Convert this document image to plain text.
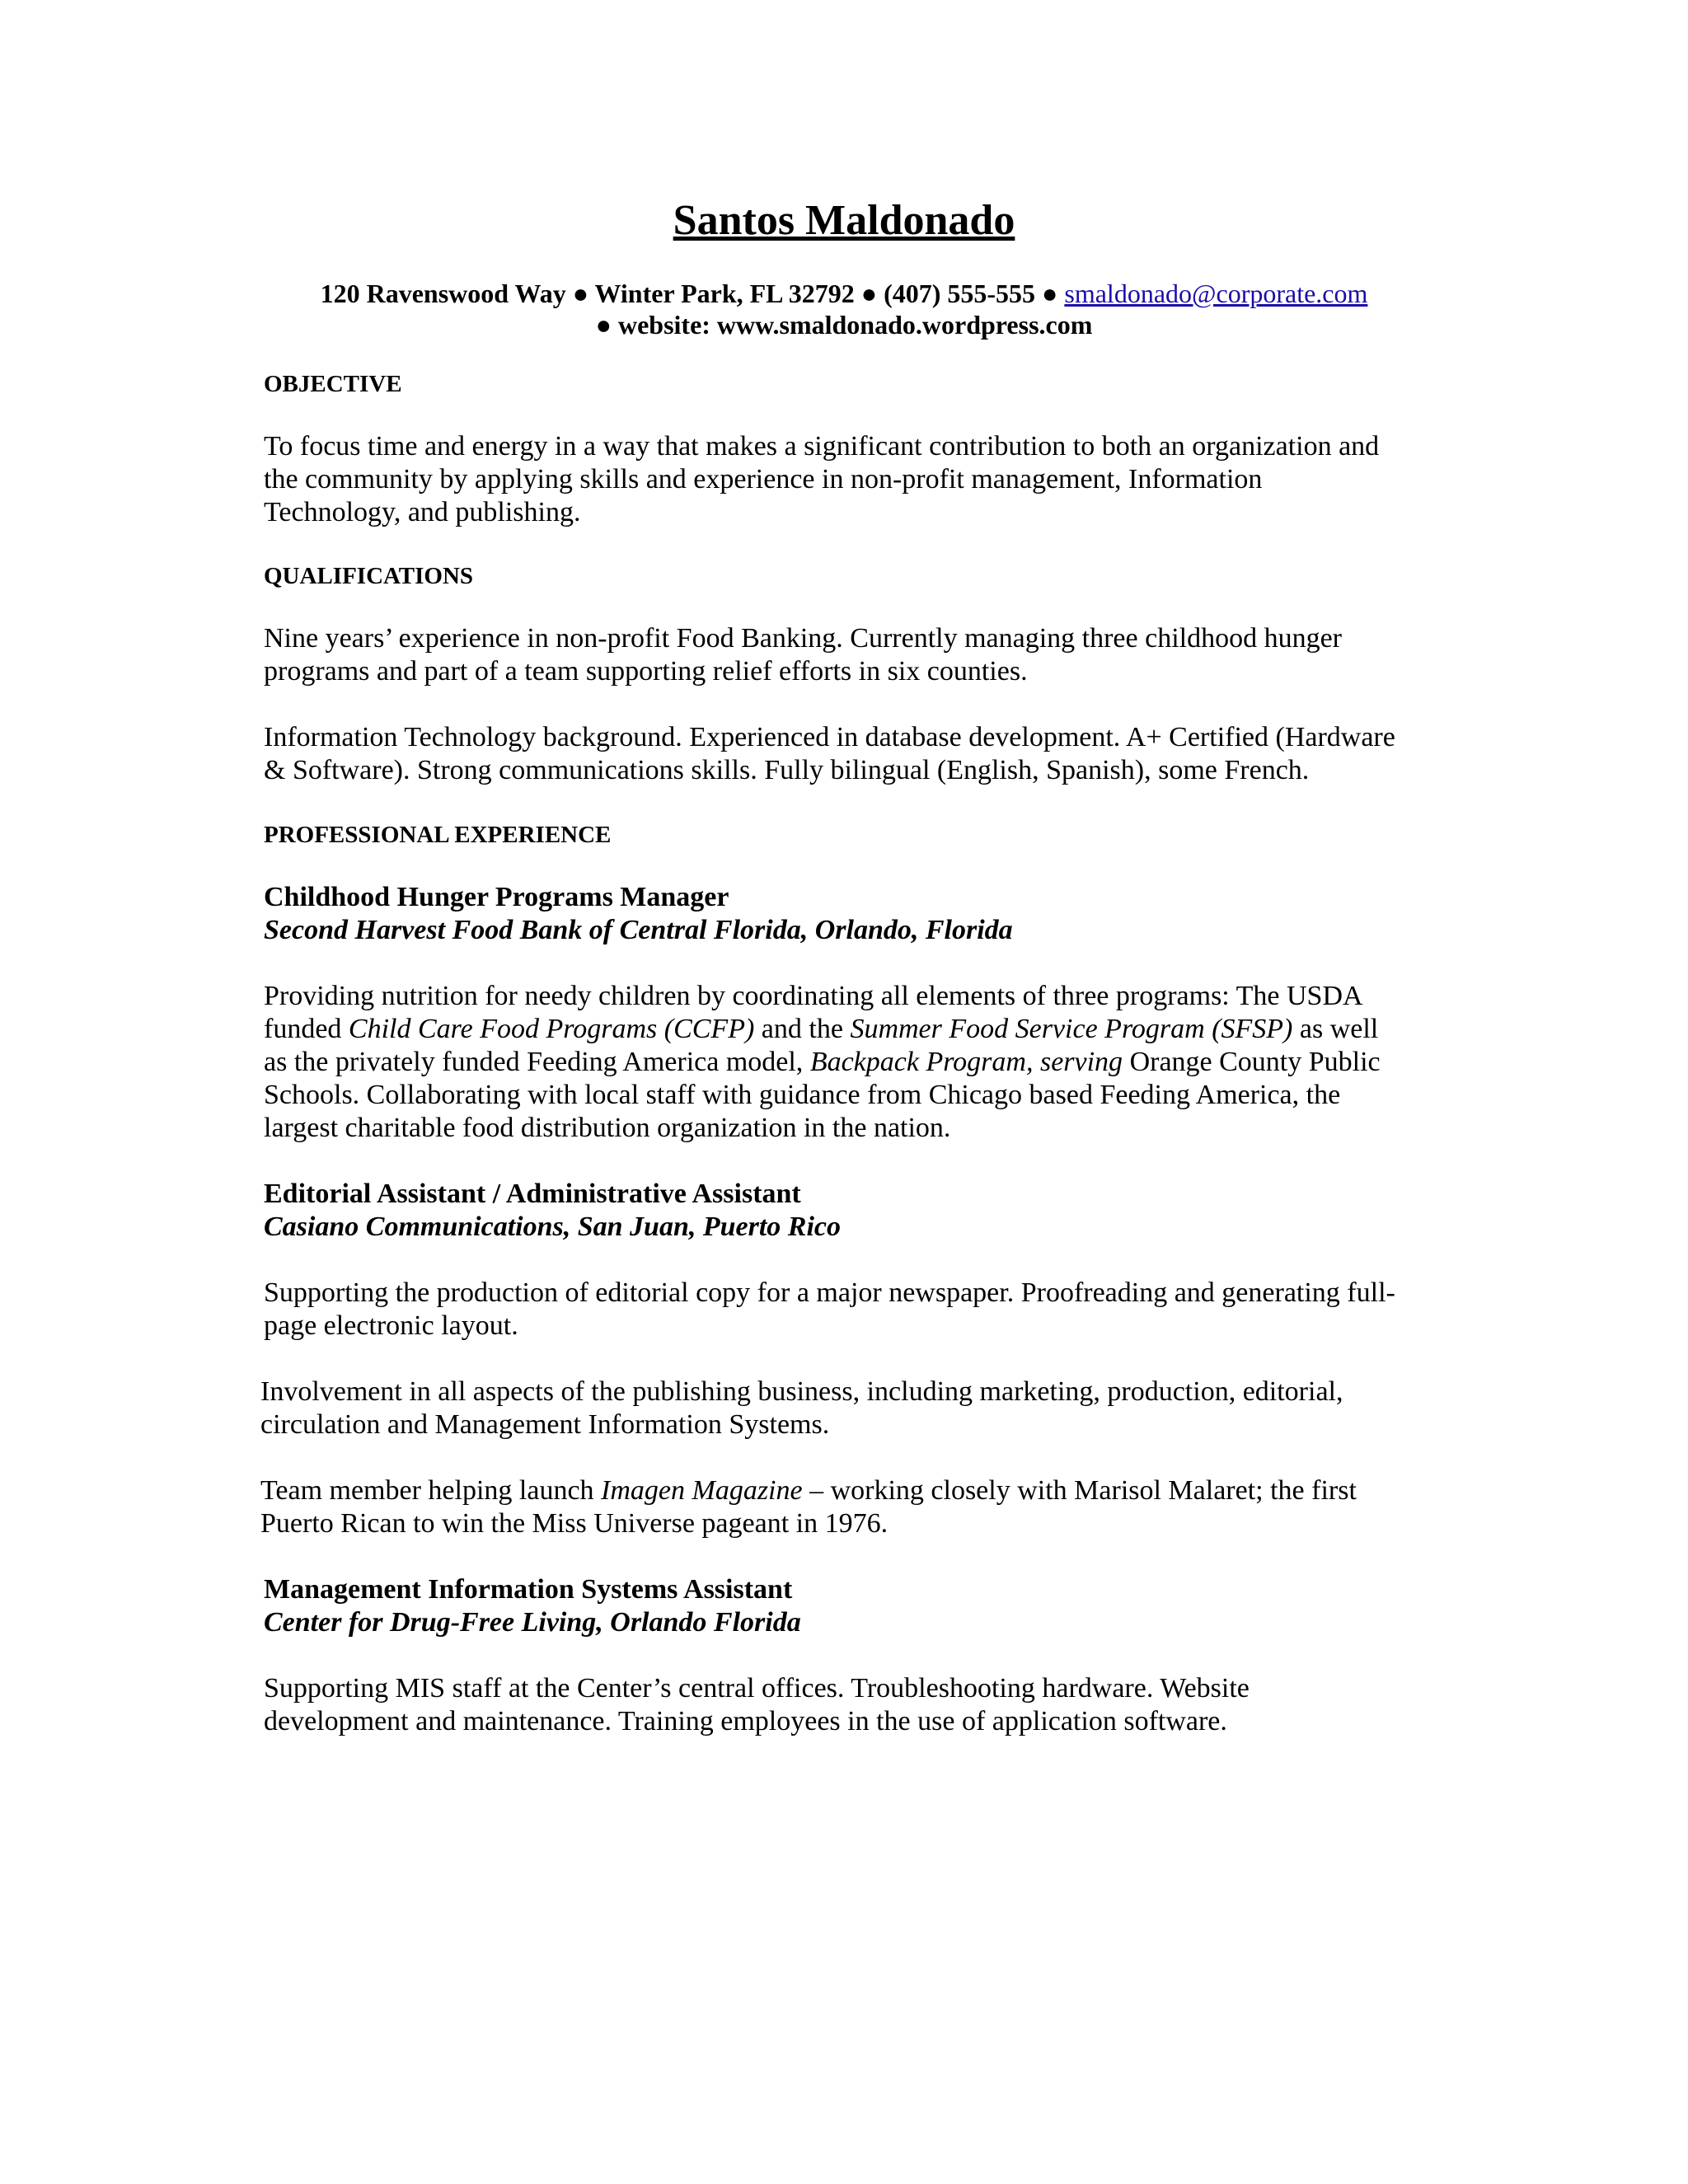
Santos Maldonado
120 Ravenswood Way ● Winter Park, FL 32792 ● (407) 555-555 ● smaldonado@corporate.com
● website: www.smaldonado.wordpress.com
OBJECTIVE
To focus time and energy in a way that makes a significant contribution to both an organization and
the community by applying skills and experience in non-profit management, Information
Technology, and publishing.
QUALIFICATIONS
Nine years’ experience in non-profit Food Banking. Currently managing three childhood hunger
programs and part of a team supporting relief efforts in six counties.
Information Technology background. Experienced in database development. A+ Certified (Hardware
& Software). Strong communications skills. Fully bilingual (English, Spanish), some French.
PROFESSIONAL EXPERIENCE
Childhood Hunger Programs Manager
Second Harvest Food Bank of Central Florida, Orlando, Florida
Providing nutrition for needy children by coordinating all elements of three programs: The USDA
funded Child Care Food Programs (CCFP) and the Summer Food Service Program (SFSP) as well
as the privately funded Feeding America model, Backpack Program, serving Orange County Public
Schools. Collaborating with local staff with guidance from Chicago based Feeding America, the
largest charitable food distribution organization in the nation.
Editorial Assistant / Administrative Assistant
Casiano Communications, San Juan, Puerto Rico
Supporting the production of editorial copy for a major newspaper. Proofreading and generating full-
page electronic layout.
Involvement in all aspects of the publishing business, including marketing, production, editorial,
circulation and Management Information Systems.
Team member helping launch Imagen Magazine – working closely with Marisol Malaret; the first
Puerto Rican to win the Miss Universe pageant in 1976.
Management Information Systems Assistant
Center for Drug-Free Living, Orlando Florida
Supporting MIS staff at the Center’s central offices. Troubleshooting hardware. Website
development and maintenance. Training employees in the use of application software.
